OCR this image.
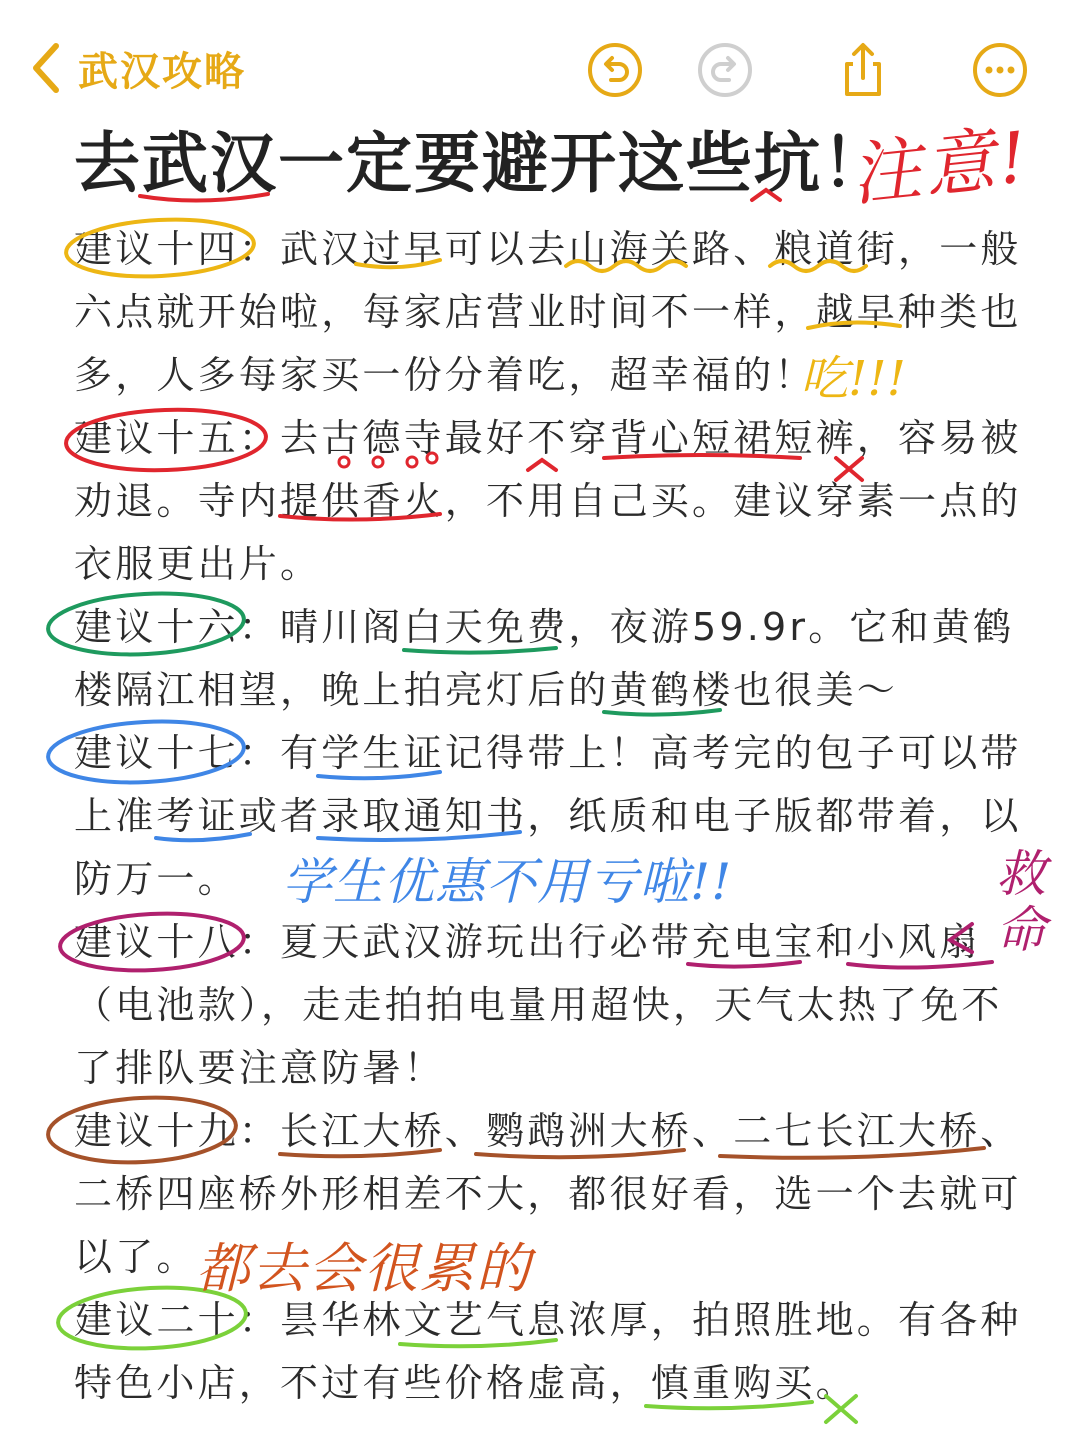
武汉攻略
去武汉一定要避开这些坑！
注意!
建议十四：武汉过早可以去山海关路、粮道街，一般
六点就开始啦，每家店营业时间不一样，越早种类也
多，人多每家买一份分着吃，超幸福的！
建议十五：去古德寺最好不穿背心短裙短裤，容易被
劝退。寺内提供香火，不用自己买。建议穿素一点的
衣服更出片。
建议十六：晴川阁白天免费，夜游59.9r。它和黄鹤
楼隔江相望，晚上拍亮灯后的黄鹤楼也很美～
建议十七：有学生证记得带上！高考完的包子可以带
上准考证或者录取通知书，纸质和电子版都带着，以
防万一。
建议十八：夏天武汉游玩出行必带充电宝和小风扇
（电池款），走走拍拍电量用超快，天气太热了免不
了排队要注意防暑！
建议十九：长江大桥、鹦鹉洲大桥、二七长江大桥、
二桥四座桥外形相差不大，都很好看，选一个去就可
以了。
建议二十：昙华林文艺气息浓厚，拍照胜地。有各种
特色小店，不过有些价格虚高，慎重购买。
吃!!!
学生优惠不用亏啦!!	救命
都去会很累的
